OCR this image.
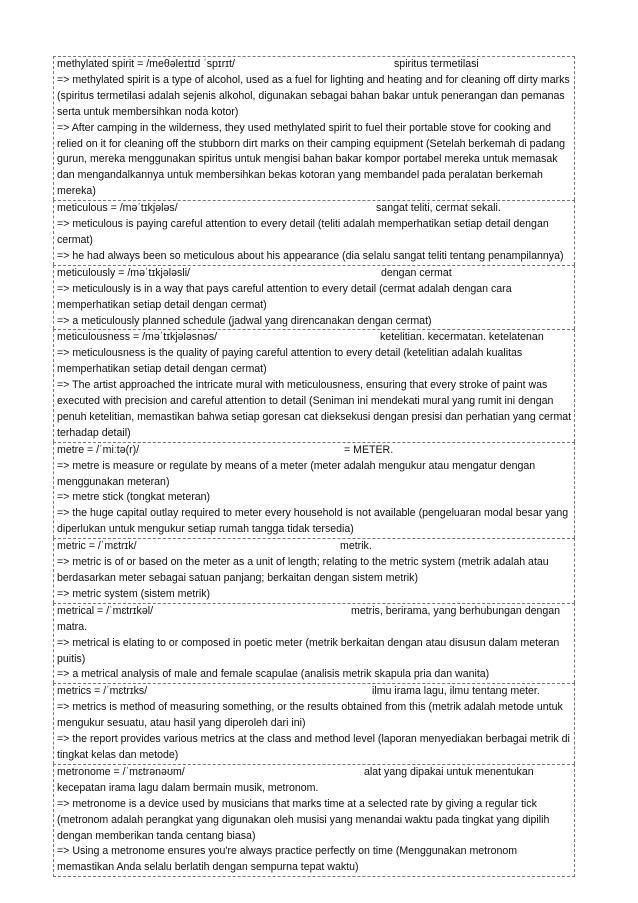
methylated spirit = /meθəleɪtɪd ˈspɪrɪt/	spiritus termetilasi
=> methylated spirit is a type of alcohol, used as a fuel for lighting and heating and for cleaning off dirty marks (spiritus termetilasi adalah sejenis alkohol, digunakan sebagai bahan bakar untuk penerangan dan pemanas serta untuk membersihkan noda kotor)
=> After camping in the wilderness, they used methylated spirit to fuel their portable stove for cooking and relied on it for cleaning off the stubborn dirt marks on their camping equipment (Setelah berkemah di padang gurun, mereka menggunakan spiritus untuk mengisi bahan bakar kompor portabel mereka untuk memasak dan mengandalkannya untuk membersihkan bekas kotoran yang membandel pada peralatan berkemah mereka)
meticulous = /məˈtɪkjələs/	sangat teliti, cermat sekali.
=> meticulous is paying careful attention to every detail (teliti adalah memperhatikan setiap detail dengan cermat)
=> he had always been so meticulous about his appearance (dia selalu sangat teliti tentang penampilannya)
meticulously = /məˈtɪkjələsli/	dengan cermat
=> meticulously is in a way that pays careful attention to every detail (cermat adalah dengan cara memperhatikan setiap detail dengan cermat)
=> a meticulously planned schedule (jadwal yang direncanakan dengan cermat)
meticulousness = /məˈtɪkjələsnəs/	ketelitian. kecermatan. ketelatenan
=> meticulousness is the quality of paying careful attention to every detail (ketelitian adalah kualitas memperhatikan setiap detail dengan cermat)
=> The artist approached the intricate mural with meticulousness, ensuring that every stroke of paint was executed with precision and careful attention to detail (Seniman ini mendekati mural yang rumit ini dengan penuh ketelitian, memastikan bahwa setiap goresan cat dieksekusi dengan presisi dan perhatian yang cermat terhadap detail)
metre = /ˈmiːtə(r)/	= METER.
=> metre is measure or regulate by means of a meter (meter adalah mengukur atau mengatur dengan menggunakan meteran)
=> metre stick (tongkat meteran)
=> the huge capital outlay required to meter every household is not available (pengeluaran modal besar yang diperlukan untuk mengukur setiap rumah tangga tidak tersedia)
metric = /ˈmɛtrɪk/	metrik.
=> metric is of or based on the meter as a unit of length; relating to the metric system (metrik adalah atau berdasarkan meter sebagai satuan panjang; berkaitan dengan sistem metrik)
=> metric system (sistem metrik)
metrical = /ˈmɛtrɪkəl/	metris, berirama, yang berhubungan dengan matra.
=> metrical is elating to or composed in poetic meter (metrik berkaitan dengan atau disusun dalam meteran puitis)
=> a metrical analysis of male and female scapulae (analisis metrik skapula pria dan wanita)
metrics = /ˈmɛtrɪks/	ilmu irama lagu, ilmu tentang meter.
=> metrics is method of measuring something, or the results obtained from this (metrik adalah metode untuk mengukur sesuatu, atau hasil yang diperoleh dari ini)
=> the report provides various metrics at the class and method level (laporan menyediakan berbagai metrik di tingkat kelas dan metode)
metronome = /ˈmɛtrənəʊm/	alat yang dipakai untuk menentukan kecepatan irama lagu dalam bermain musik, metronom.
=> metronome is a device used by musicians that marks time at a selected rate by giving a regular tick (metronom adalah perangkat yang digunakan oleh musisi yang menandai waktu pada tingkat yang dipilih dengan memberikan tanda centang biasa)
=> Using a metronome ensures you're always practice perfectly on time (Menggunakan metronom memastikan Anda selalu berlatih dengan sempurna tepat waktu)
